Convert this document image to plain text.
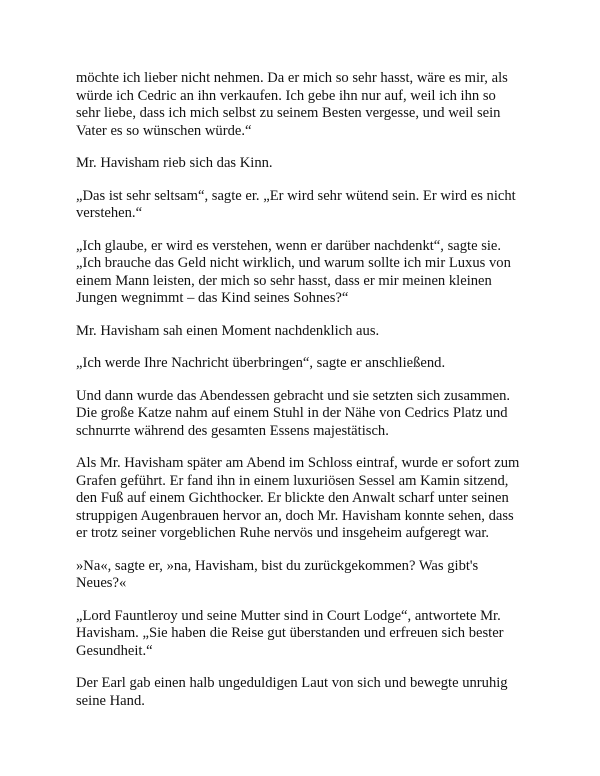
möchte ich lieber nicht nehmen. Da er mich so sehr hasst, wäre es mir, als
würde ich Cedric an ihn verkaufen. Ich gebe ihn nur auf, weil ich ihn so
sehr liebe, dass ich mich selbst zu seinem Besten vergesse, und weil sein
Vater es so wünschen würde.“

Mr. Havisham rieb sich das Kinn.

„Das ist sehr seltsam“, sagte er. „Er wird sehr wütend sein. Er wird es nicht
verstehen.“

„Ich glaube, er wird es verstehen, wenn er darüber nachdenkt“, sagte sie.
„Ich brauche das Geld nicht wirklich, und warum sollte ich mir Luxus von
einem Mann leisten, der mich so sehr hasst, dass er mir meinen kleinen
Jungen wegnimmt – das Kind seines Sohnes?“

Mr. Havisham sah einen Moment nachdenklich aus.

„Ich werde Ihre Nachricht überbringen“, sagte er anschließend.

Und dann wurde das Abendessen gebracht und sie setzten sich zusammen.
Die große Katze nahm auf einem Stuhl in der Nähe von Cedrics Platz und
schnurrte während des gesamten Essens majestätisch.

Als Mr. Havisham später am Abend im Schloss eintraf, wurde er sofort zum
Grafen geführt. Er fand ihn in einem luxuriösen Sessel am Kamin sitzend,
den Fuß auf einem Gichthocker. Er blickte den Anwalt scharf unter seinen
struppigen Augenbrauen hervor an, doch Mr. Havisham konnte sehen, dass
er trotz seiner vorgeblichen Ruhe nervös und insgeheim aufgeregt war.

»Na«, sagte er, »na, Havisham, bist du zurückgekommen? Was gibt's
Neues?«

„Lord Fauntleroy und seine Mutter sind in Court Lodge“, antwortete Mr.
Havisham. „Sie haben die Reise gut überstanden und erfreuen sich bester
Gesundheit.“

Der Earl gab einen halb ungeduldigen Laut von sich und bewegte unruhig
seine Hand.
